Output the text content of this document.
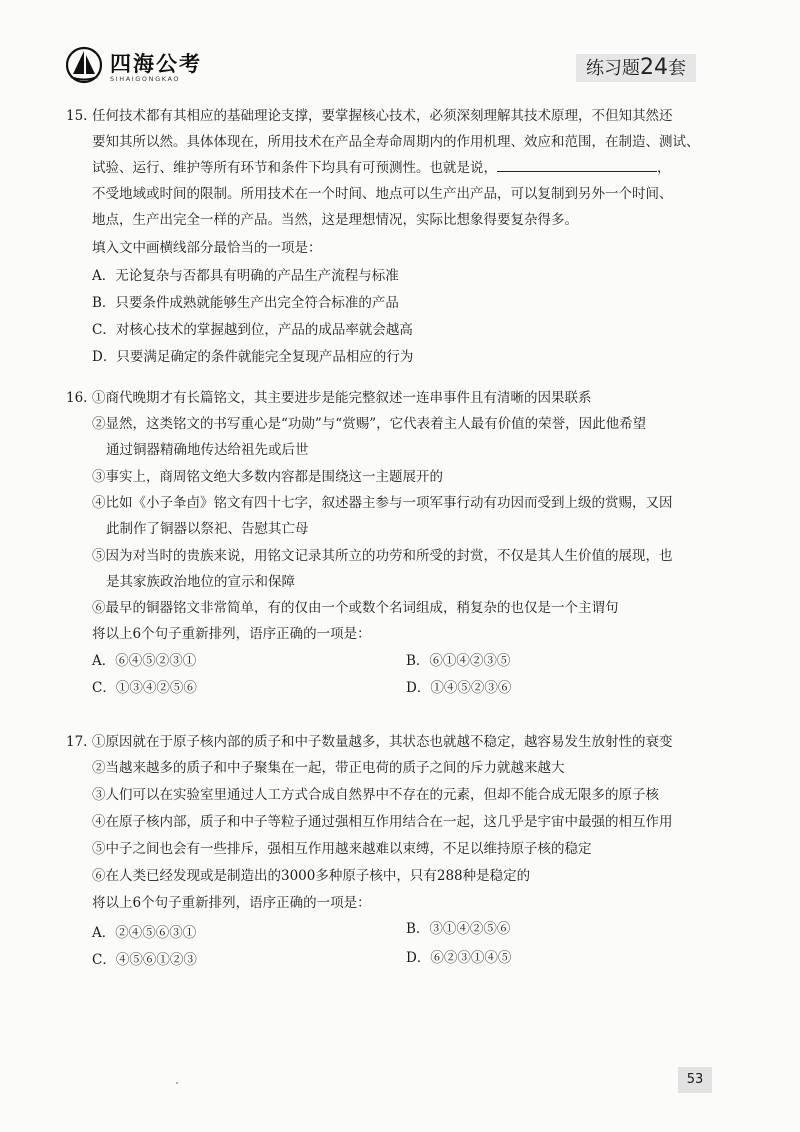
四海公考
SIHAIGONGKAO	练习题24套
15. 任何技术都有其相应的基础理论支撑，要掌握核心技术，必须深刻理解其技术原理，不但知其然还
要知其所以然。具体体现在，所用技术在产品全寿命周期内的作用机理、效应和范围，在制造、测试、
试验、运行、维护等所有环节和条件下均具有可预测性。也就是说，	，
不受地域或时间的限制。所用技术在一个时间、地点可以生产出产品，可以复制到另外一个时间、
地点，生产出完全一样的产品。当然，这是理想情况，实际比想象得要复杂得多。
填入文中画横线部分最恰当的一项是：
A．无论复杂与否都具有明确的产品生产流程与标准
B．只要条件成熟就能够生产出完全符合标准的产品
C．对核心技术的掌握越到位，产品的成品率就会越高
D．只要满足确定的条件就能完全复现产品相应的行为
16. ①商代晚期才有长篇铭文，其主要进步是能完整叙述一连串事件且有清晰的因果联系
②显然，这类铭文的书写重心是“功勋”与“赏赐”，它代表着主人最有价值的荣誉，因此他希望
通过铜器精确地传达给祖先或后世
③事实上，商周铭文绝大多数内容都是围绕这一主题展开的
④比如《小子夆卣》铭文有四十七字，叙述器主参与一项军事行动有功因而受到上级的赏赐，又因
此制作了铜器以祭祀、告慰其亡母
⑤因为对当时的贵族来说，用铭文记录其所立的功劳和所受的封赏，不仅是其人生价值的展现，也
是其家族政治地位的宣示和保障
⑥最早的铜器铭文非常简单，有的仅由一个或数个名词组成，稍复杂的也仅是一个主谓句
将以上6个句子重新排列，语序正确的一项是：
A．⑥④⑤②③①	B．⑥①④②③⑤
C．①③④②⑤⑥	D．①④⑤②③⑥
17. ①原因就在于原子核内部的质子和中子数量越多，其状态也就越不稳定，越容易发生放射性的衰变
②当越来越多的质子和中子聚集在一起，带正电荷的质子之间的斥力就越来越大
③人们可以在实验室里通过人工方式合成自然界中不存在的元素，但却不能合成无限多的原子核
④在原子核内部，质子和中子等粒子通过强相互作用结合在一起，这几乎是宇宙中最强的相互作用
⑤中子之间也会有一些排斥，强相互作用越来越难以束缚，不足以维持原子核的稳定
⑥在人类已经发现或是制造出的3000多种原子核中，只有288种是稳定的
将以上6个句子重新排列，语序正确的一项是：
A．②④⑤⑥③①	B．③①④②⑤⑥
C．④⑤⑥①②③	D．⑥②③①④⑤
53
